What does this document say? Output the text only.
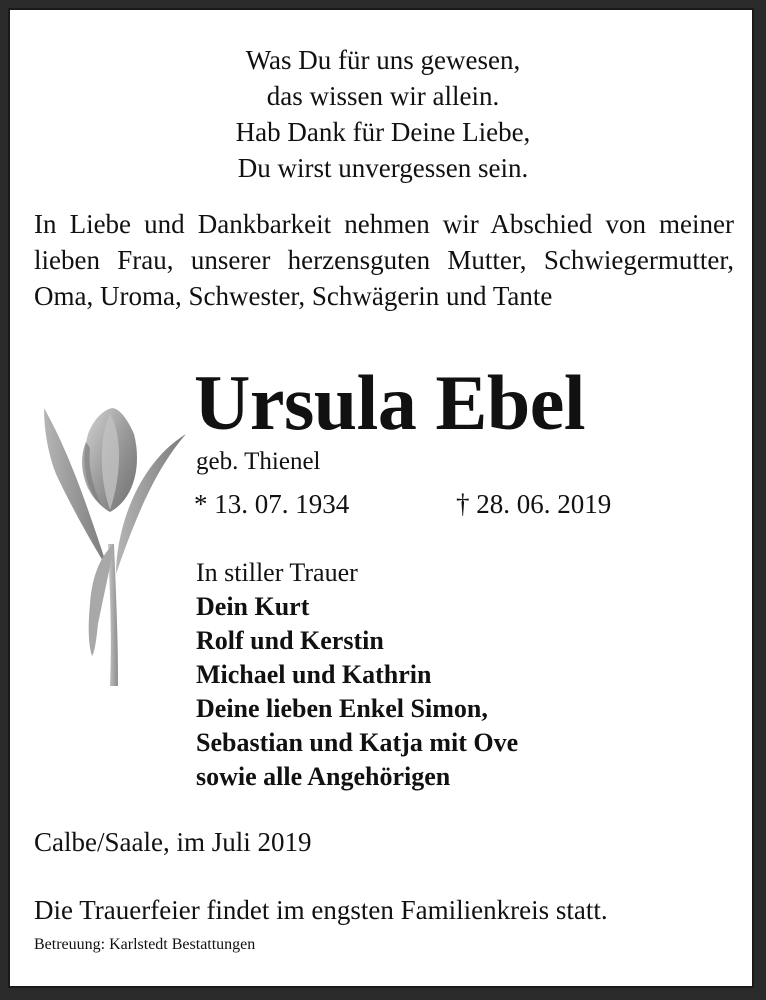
Was Du für uns gewesen,
das wissen wir allein.
Hab Dank für Deine Liebe,
Du wirst unvergessen sein.
In Liebe und Dankbarkeit nehmen wir Abschied von meiner lieben Frau, unserer herzensguten Mutter, Schwiegermutter, Oma, Uroma, Schwester, Schwägerin und Tante
Ursula Ebel
geb. Thienel
* 13. 07. 1934	† 28. 06. 2019
In stiller Trauer
Dein Kurt
Rolf und Kerstin
Michael und Kathrin
Deine lieben Enkel Simon,
Sebastian und Katja mit Ove
sowie alle Angehörigen
Calbe/Saale, im Juli 2019
Die Trauerfeier findet im engsten Familienkreis statt.
Betreuung: Karlstedt Bestattungen
